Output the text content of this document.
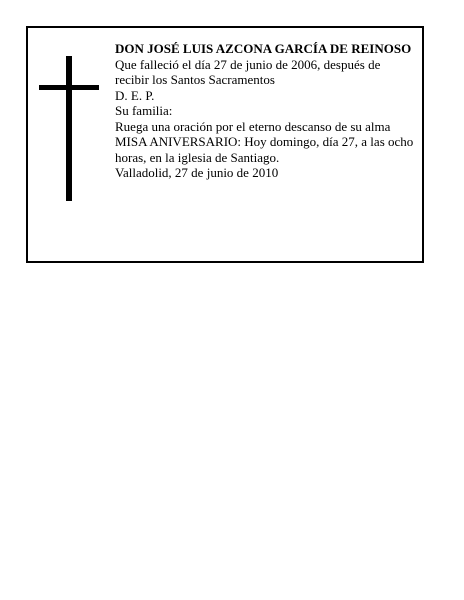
DON JOSÉ LUIS AZCONA GARCÍA DE REINOSO
Que falleció el día 27 de junio de 2006, después de recibir los Santos Sacramentos
D. E. P.
Su familia:
Ruega una oración por el eterno descanso de su alma
MISA ANIVERSARIO: Hoy domingo, día 27, a las ocho horas, en la iglesia de Santiago.
Valladolid, 27 de junio de 2010
